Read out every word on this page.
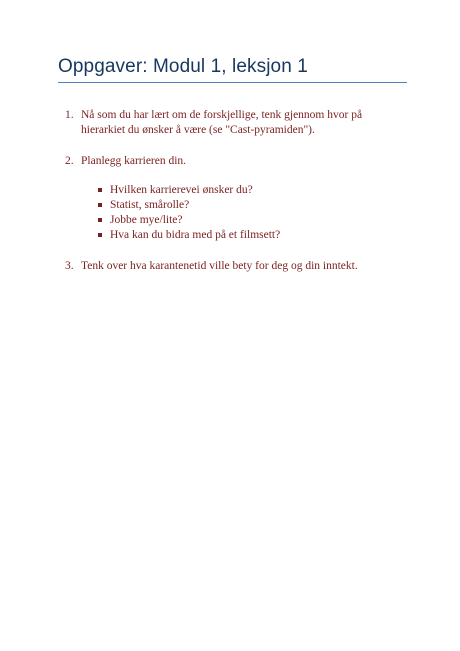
Oppgaver: Modul 1, leksjon 1
1. Nå som du har lært om de forskjellige, tenk gjennom hvor på hierarkiet du ønsker å være (se "Cast-pyramiden").
2. Planlegg karrieren din.
Hvilken karrierevei ønsker du?
Statist, smårolle?
Jobbe mye/lite?
Hva kan du bidra med på et filmsett?
3. Tenk over hva karantenetid ville bety for deg og din inntekt.
